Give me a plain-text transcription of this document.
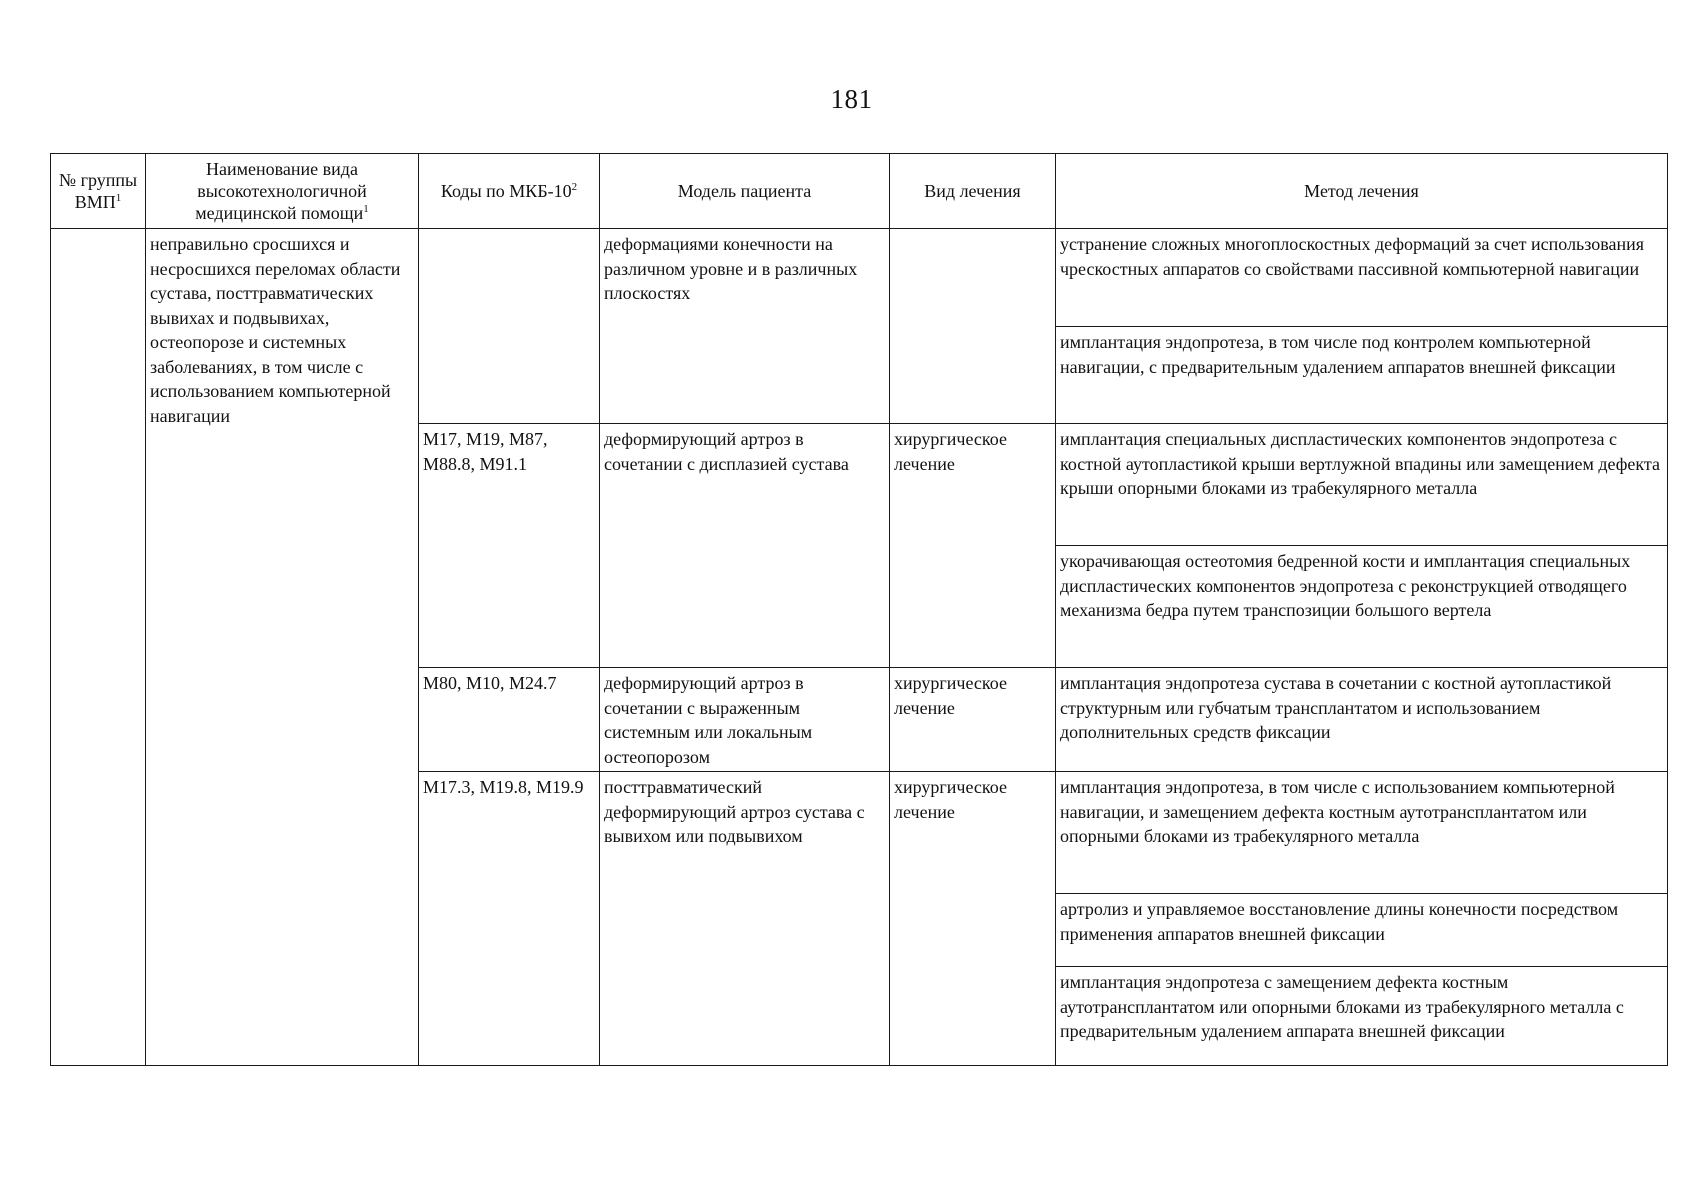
181
№ группы ВМП$^1$	Наименование вида высокотехнологичной медицинской помощи$^1$	Коды по МКБ-$10^2$	Модель пациента	Вид лечения	Метод лечения
	неправильно сросшихся и несросшихся переломах области сустава, посттравматических вывихах и подвывихах, остеопорозе и системных заболеваниях, в том числе с использованием компьютерной навигации		деформациями конечности на различном уровне и в различных плоскостях		устранение сложных многоплоскостных деформаций за счет использования чрескостных аппаратов со свойствами пассивной компьютерной навигации
					имплантация эндопротеза, в том числе под контролем компьютерной навигации, с предварительным удалением аппаратов внешней фиксации
		M17, M19, M87, M88.8, M91.1	деформирующий артроз в сочетании с дисплазией сустава	хирургическое лечение	имплантация специальных диспластических компонентов эндопротеза с костной аутопластикой крыши вертлужной впадины или замещением дефекта крыши опорными блоками из трабекулярного металла
					укорачивающая остеотомия бедренной кости и имплантация специальных диспластических компонентов эндопротеза с реконструкцией отводящего механизма бедра путем транспозиции большого вертела
		M80, M10, M24.7	деформирующий артроз в сочетании с выраженным системным или локальным остеопорозом	хирургическое лечение	имплантация эндопротеза сустава в сочетании с костной аутопластикой структурным или губчатым трансплантатом и использованием дополнительных средств фиксации
		M17.3, M19.8, M19.9	посттравматический деформирующий артроз сустава с вывихом или подвывихом	хирургическое лечение	имплантация эндопротеза, в том числе с использованием компьютерной навигации, и замещением дефекта костным аутотрансплантатом или опорными блоками из трабекулярного металла
					артролиз и управляемое восстановление длины конечности посредством применения аппаратов внешней фиксации
					имплантация эндопротеза с замещением дефекта костным аутотрансплантатом или опорными блоками из трабекулярного металла с предварительным удалением аппарата внешней фиксации
